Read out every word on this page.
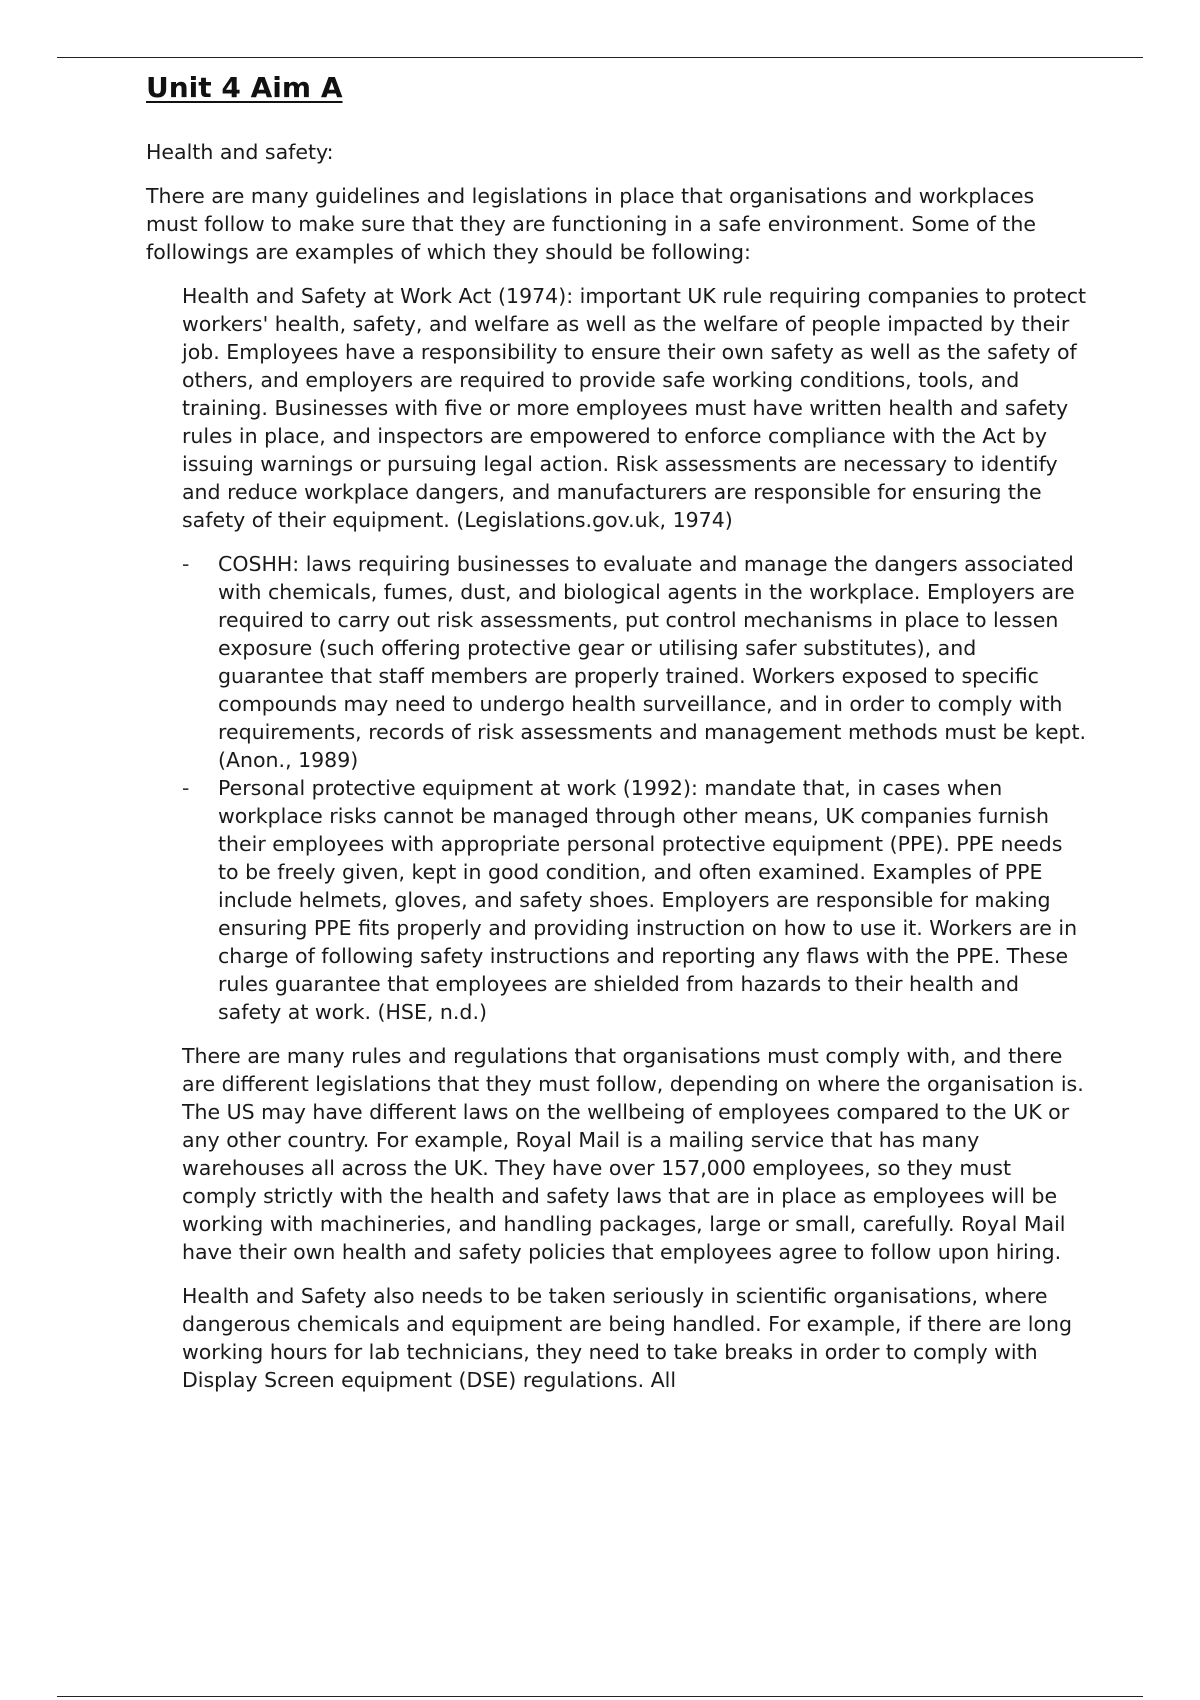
Unit 4 Aim A

Health and safety:

There are many guidelines and legislations in place that organisations and workplaces must follow to make sure that they are functioning in a safe environment. Some of the followings are examples of which they should be following:

Health and Safety at Work Act (1974): important UK rule requiring companies to protect workers' health, safety, and welfare as well as the welfare of people impacted by their job. Employees have a responsibility to ensure their own safety as well as the safety of others, and employers are required to provide safe working conditions, tools, and training. Businesses with five or more employees must have written health and safety rules in place, and inspectors are empowered to enforce compliance with the Act by issuing warnings or pursuing legal action. Risk assessments are necessary to identify and reduce workplace dangers, and manufacturers are responsible for ensuring the safety of their equipment. (Legislations.gov.uk, 1974)

-	COSHH: laws requiring businesses to evaluate and manage the dangers associated with chemicals, fumes, dust, and biological agents in the workplace. Employers are required to carry out risk assessments, put control mechanisms in place to lessen exposure (such offering protective gear or utilising safer substitutes), and guarantee that staff members are properly trained. Workers exposed to specific compounds may need to undergo health surveillance, and in order to comply with requirements, records of risk assessments and management methods must be kept. (Anon., 1989)
-	Personal protective equipment at work (1992): mandate that, in cases when workplace risks cannot be managed through other means, UK companies furnish their employees with appropriate personal protective equipment (PPE). PPE needs to be freely given, kept in good condition, and often examined. Examples of PPE include helmets, gloves, and safety shoes. Employers are responsible for making ensuring PPE fits properly and providing instruction on how to use it. Workers are in charge of following safety instructions and reporting any flaws with the PPE. These rules guarantee that employees are shielded from hazards to their health and safety at work. (HSE, n.d.)

There are many rules and regulations that organisations must comply with, and there are different legislations that they must follow, depending on where the organisation is. The US may have different laws on the wellbeing of employees compared to the UK or any other country. For example, Royal Mail is a mailing service that has many warehouses all across the UK. They have over 157,000 employees, so they must comply strictly with the health and safety laws that are in place as employees will be working with machineries, and handling packages, large or small, carefully. Royal Mail have their own health and safety policies that employees agree to follow upon hiring.

Health and Safety also needs to be taken seriously in scientific organisations, where dangerous chemicals and equipment are being handled. For example, if there are long working hours for lab technicians, they need to take breaks in order to comply with Display Screen equipment (DSE) regulations. All
